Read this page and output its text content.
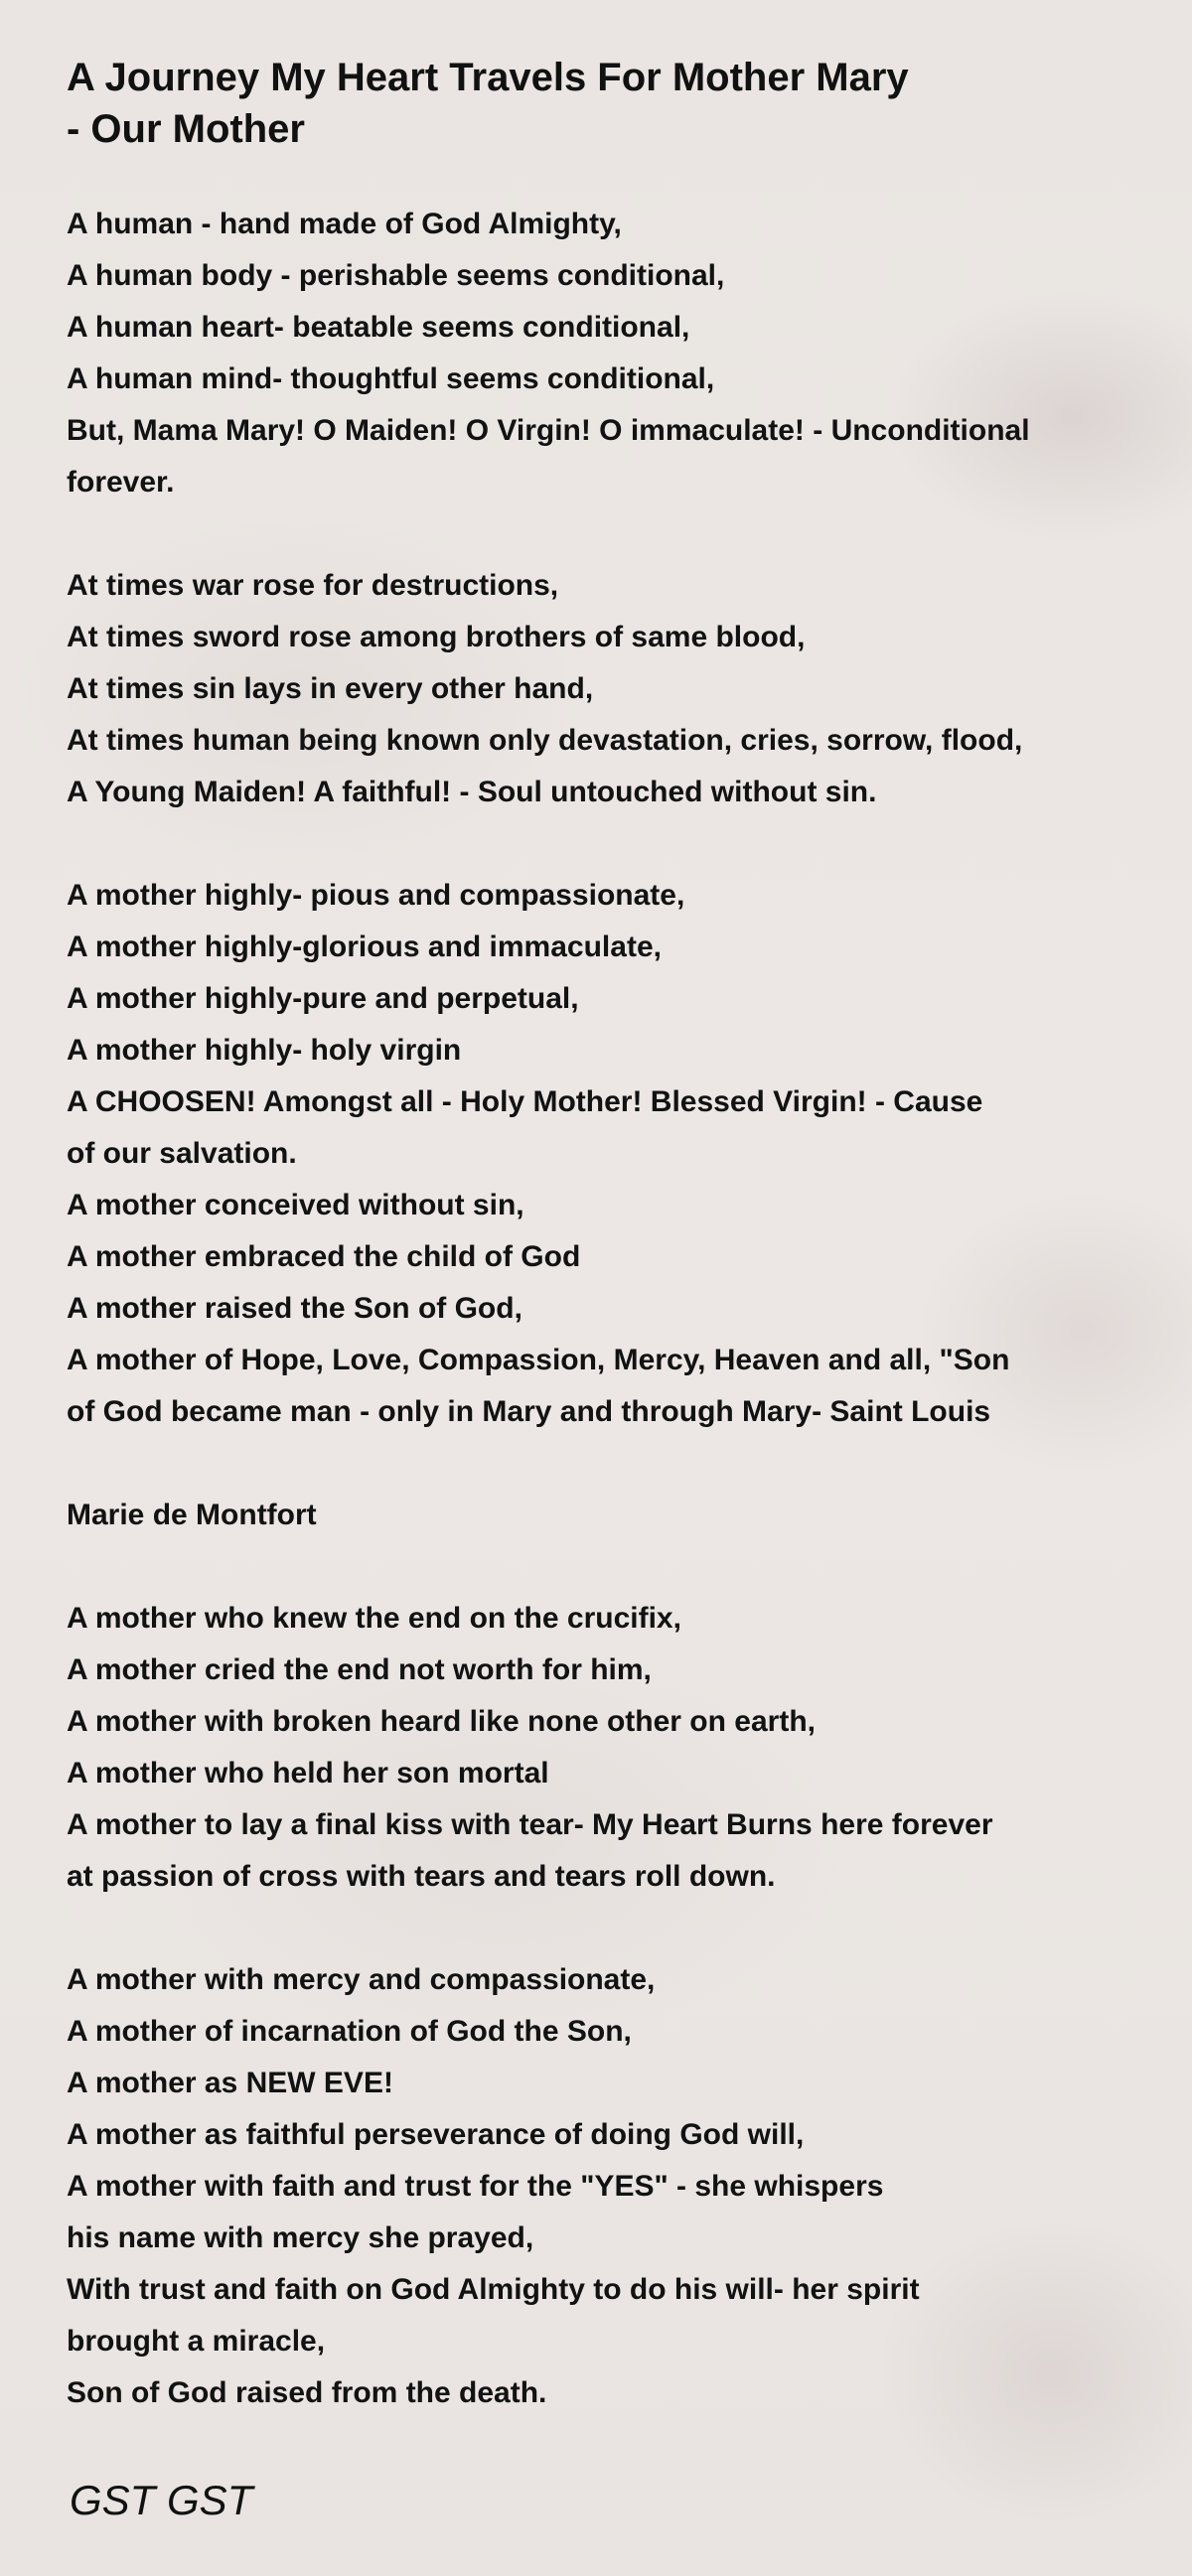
A Journey My Heart Travels For Mother Mary
- Our Mother
A human - hand made of God Almighty,
A human body - perishable seems conditional,
A human heart- beatable seems conditional,
A human mind- thoughtful seems conditional,
But, Mama Mary! O Maiden! O Virgin! O immaculate! - Unconditional
forever.
At times war rose for destructions,
At times sword rose among brothers of same blood,
At times sin lays in every other hand,
At times human being known only devastation, cries, sorrow, flood,
A Young Maiden! A faithful! - Soul untouched without sin.
A mother highly- pious and compassionate,
A mother highly-glorious and immaculate,
A mother highly-pure and perpetual,
A mother highly- holy virgin
A CHOOSEN! Amongst all - Holy Mother! Blessed Virgin! - Cause
of our salvation.
A mother conceived without sin,
A mother embraced the child of God
A mother raised the Son of God,
A mother of Hope, Love, Compassion, Mercy, Heaven and all, "Son
of God became man - only in Mary and through Mary- Saint Louis
Marie de Montfort
A mother who knew the end on the crucifix,
A mother cried the end not worth for him,
A mother with broken heard like none other on earth,
A mother who held her son mortal
A mother to lay a final kiss with tear- My Heart Burns here forever
at passion of cross with tears and tears roll down.
A mother with mercy and compassionate,
A mother of incarnation of God the Son,
A mother as NEW EVE!
A mother as faithful perseverance of doing God will,
A mother with faith and trust for the "YES" - she whispers
his name with mercy she prayed,
With trust and faith on God Almighty to do his will- her spirit
brought a miracle,
Son of God raised from the death.
GST GST
